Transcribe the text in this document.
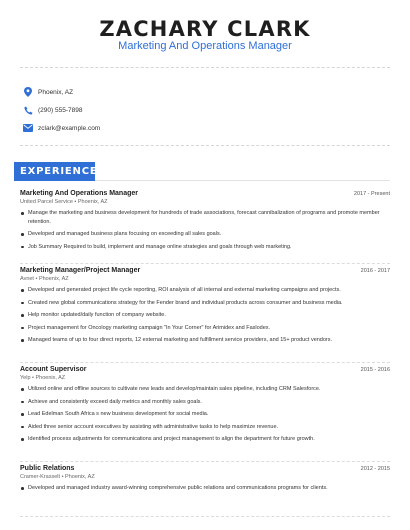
ZACHARY CLARK
Marketing And Operations Manager
Phoenix, AZ
(290) 555-7898
zclark@example.com
EXPERIENCE
Marketing And Operations Manager	2017 - Present
United Parcel Service • Phoenix, AZ
Manage the marketing and business development for hundreds of trade associations, forecast cannibalization of programs and promote member retention.
Developed and managed business plans focusing on exceeding all sales goals.
Job Summary Required to build, implement and manage online strategies and goals through web marketing.
Marketing Manager/Project Manager	2016 - 2017
Avnet • Phoenix, AZ
Developed and generated project life cycle reporting, ROI analysis of all internal and external marketing campaigns and projects.
Created new global communications strategy for the Fender brand and individual products across consumer and business media.
Help monitor updated/daily function of company website.
Project management for Oncology marketing campaign "In Your Corner" for Arimidex and Faslodex.
Managed teams of up to four direct reports, 12 external marketing and fulfillment service providers, and 15+ product vendors.
Account Supervisor	2015 - 2016
Yelp • Phoenix, AZ
Utilized online and offline sources to cultivate new leads and develop/maintain sales pipeline, including CRM Salesforce.
Achieve and consistently exceed daily metrics and monthly sales goals.
Lead Edelman South Africa s new business development for social media.
Aided three senior account executives by assisting with administrative tasks to help maximize revenue.
Identified process adjustments for communications and project management to align the department for future growth.
Public Relations	2012 - 2015
Cramer-Krasselt • Phoenix, AZ
Developed and managed industry award-winning comprehensive public relations and communications programs for clients.
